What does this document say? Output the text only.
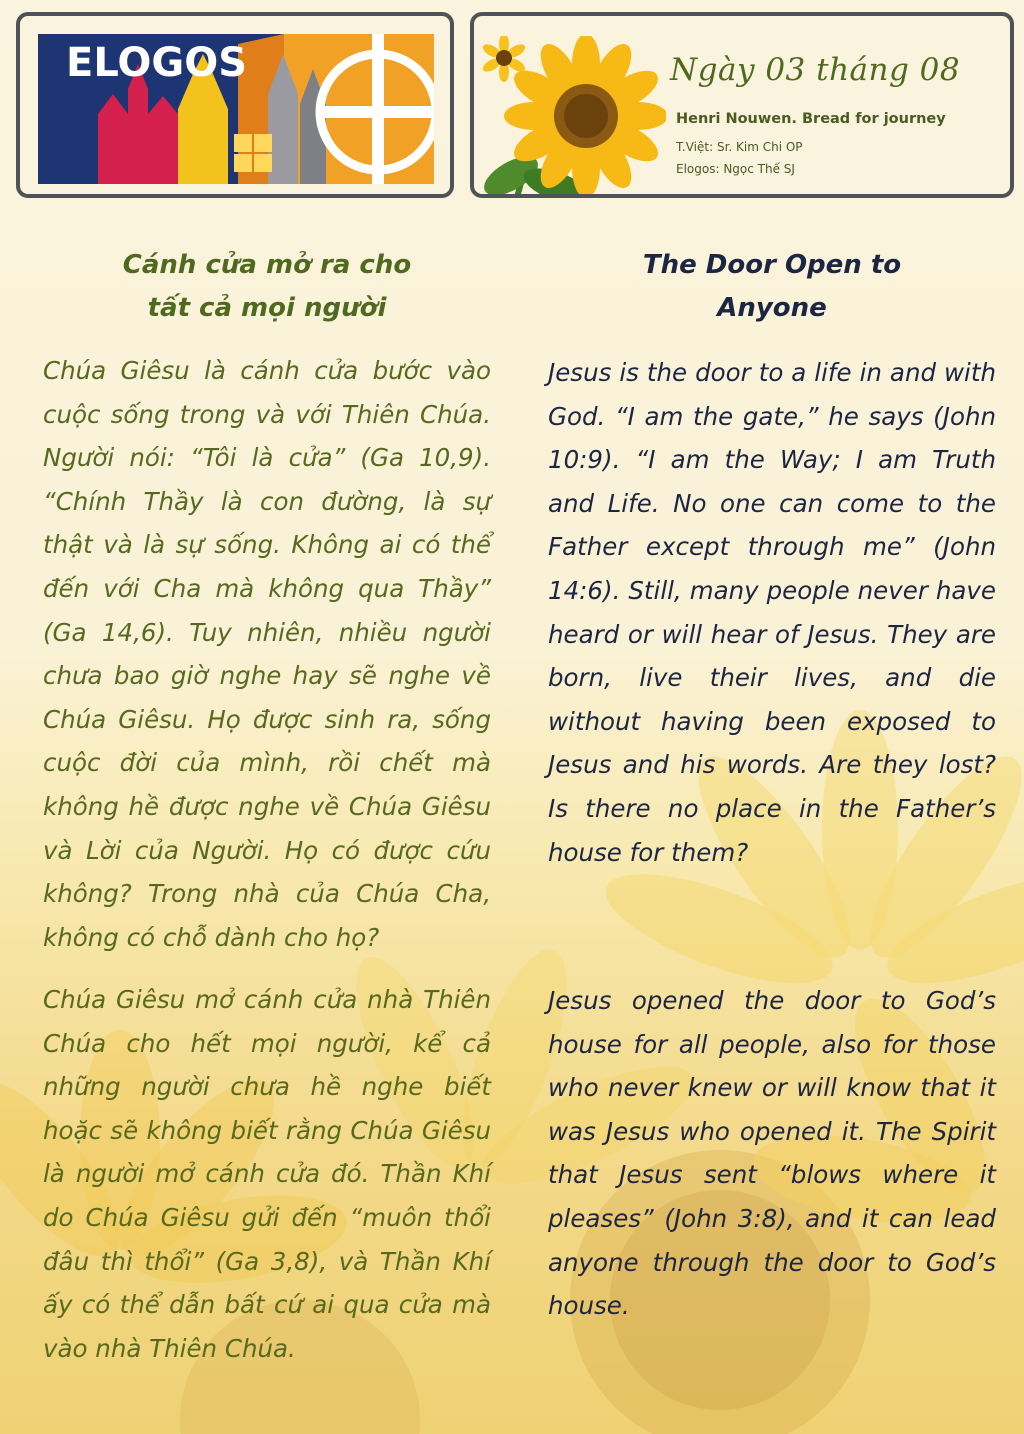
ELOGOS	Ngày 03 tháng 08

Henri Nouwen. Bread for journey

T.Việt: Sr. Kim Chi OP

Elogos: Ngọc Thế SJ

Cánh cửa mở ra cho
tất cả mọi người
The Door Open to
Anyone

Chúa Giêsu là cánh cửa bước vào cuộc sống trong và với Thiên Chúa. Người nói: “Tôi là cửa” (Ga 10,9). “Chính Thầy là con đường, là sự thật và là sự sống. Không ai có thể đến với Cha mà không qua Thầy” (Ga 14,6). Tuy nhiên, nhiều người chưa bao giờ nghe hay sẽ nghe về Chúa Giêsu. Họ được sinh ra, sống cuộc đời của mình, rồi chết mà không hề được nghe về Chúa Giêsu và Lời của Người. Họ có được cứu không? Trong nhà của Chúa Cha, không có chỗ dành cho họ?

Chúa Giêsu mở cánh cửa nhà Thiên Chúa cho hết mọi người, kể cả những người chưa hề nghe biết hoặc sẽ không biết rằng Chúa Giêsu là người mở cánh cửa đó. Thần Khí do Chúa Giêsu gửi đến “muôn thổi đâu thì thổi” (Ga 3,8), và Thần Khí ấy có thể dẫn bất cứ ai qua cửa mà vào nhà Thiên Chúa.

Jesus is the door to a life in and with God. “I am the gate,” he says (John 10:9). “I am the Way; I am Truth and Life. No one can come to the Father except through me” (John 14:6). Still, many people never have heard or will hear of Jesus. They are born, live their lives, and die without having been exposed to Jesus and his words. Are they lost? Is there no place in the Father’s house for them?

Jesus opened the door to God’s house for all people, also for those who never knew or will know that it was Jesus who opened it. The Spirit that Jesus sent “blows where it pleases” (John 3:8), and it can lead anyone through the door to God’s house.
